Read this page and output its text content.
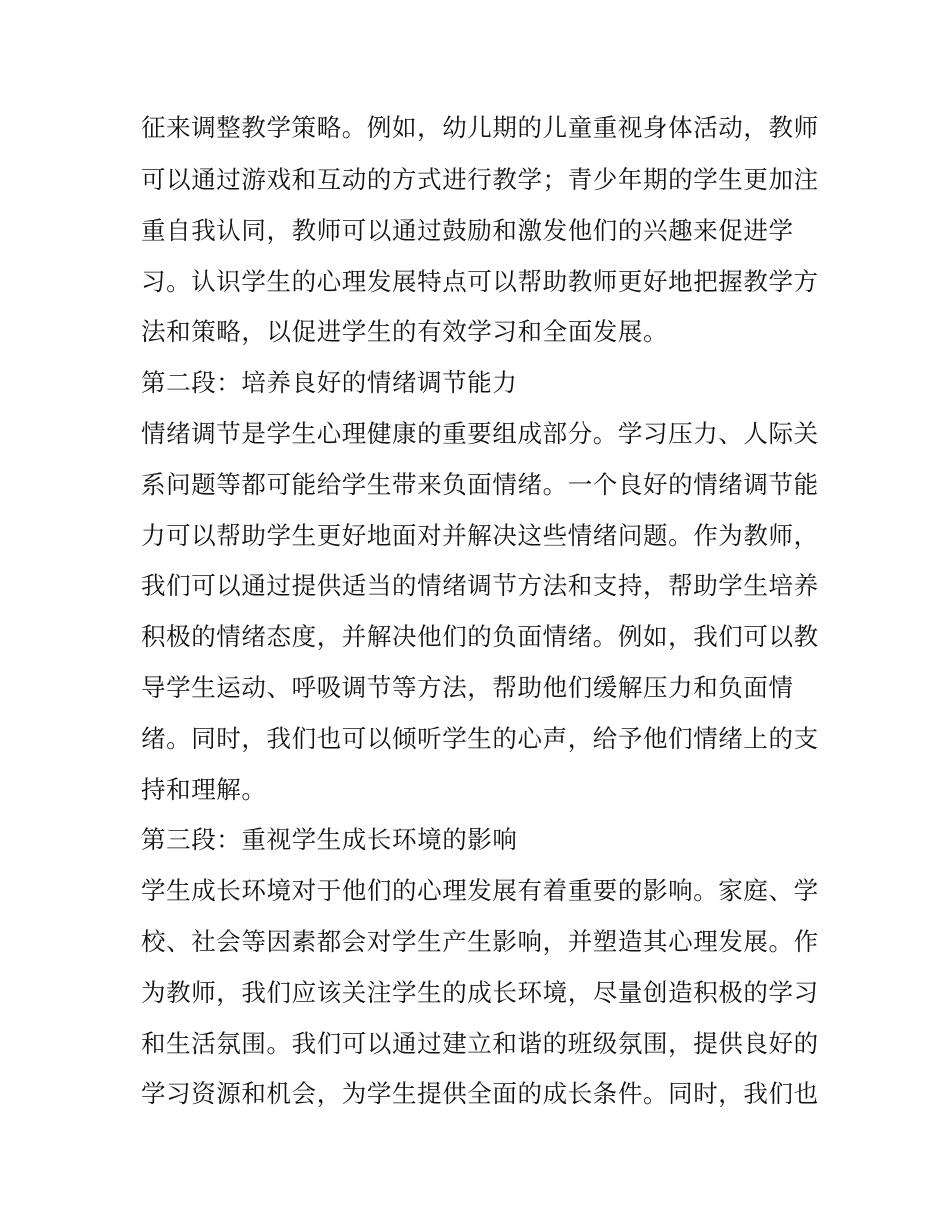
征来调整教学策略。例如，幼儿期的儿童重视身体活动，教师
可以通过游戏和互动的方式进行教学；青少年期的学生更加注
重自我认同，教师可以通过鼓励和激发他们的兴趣来促进学
习。认识学生的心理发展特点可以帮助教师更好地把握教学方
法和策略，以促进学生的有效学习和全面发展。
第二段：培养良好的情绪调节能力
情绪调节是学生心理健康的重要组成部分。学习压力、人际关
系问题等都可能给学生带来负面情绪。一个良好的情绪调节能
力可以帮助学生更好地面对并解决这些情绪问题。作为教师，
我们可以通过提供适当的情绪调节方法和支持，帮助学生培养
积极的情绪态度，并解决他们的负面情绪。例如，我们可以教
导学生运动、呼吸调节等方法，帮助他们缓解压力和负面情
绪。同时，我们也可以倾听学生的心声，给予他们情绪上的支
持和理解。
第三段：重视学生成长环境的影响
学生成长环境对于他们的心理发展有着重要的影响。家庭、学
校、社会等因素都会对学生产生影响，并塑造其心理发展。作
为教师，我们应该关注学生的成长环境，尽量创造积极的学习
和生活氛围。我们可以通过建立和谐的班级氛围，提供良好的
学习资源和机会，为学生提供全面的成长条件。同时，我们也
